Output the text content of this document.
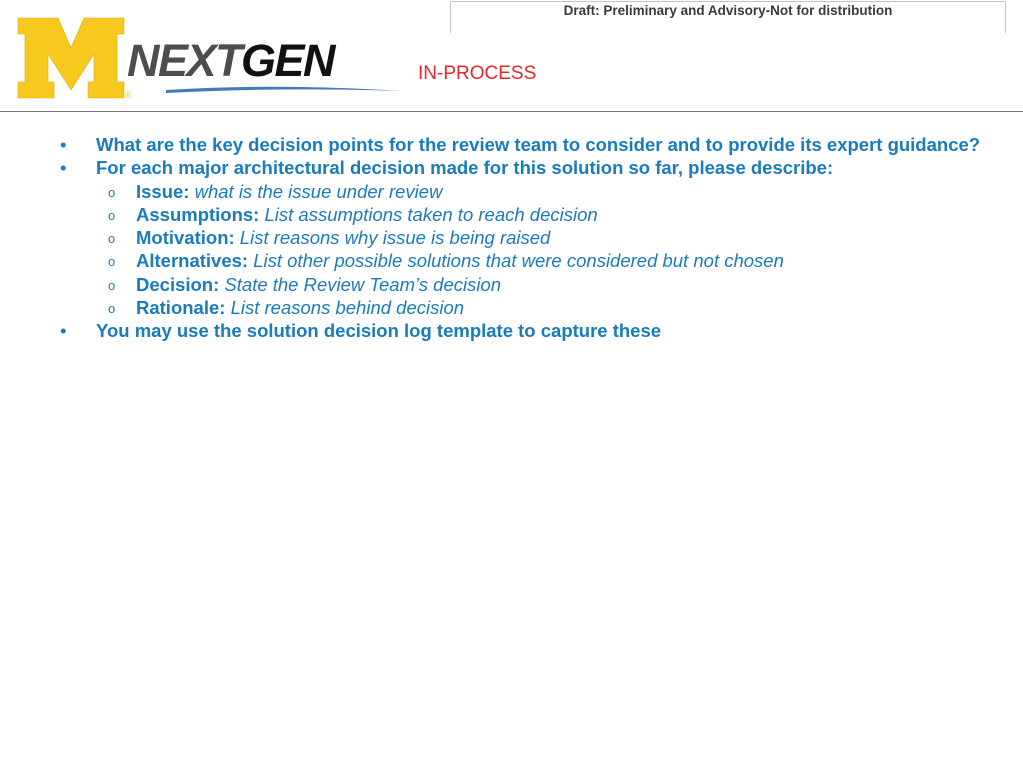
Draft: Preliminary and Advisory-Not for distribution
®
NEXTGEN	IN-PROCESS
• What are the key decision points for the review team to consider and to provide its expert guidance?
• For each major architectural decision made for this solution so far, please describe:
o Issue: what is the issue under review
o Assumptions: List assumptions taken to reach decision
o Motivation: List reasons why issue is being raised
o Alternatives: List other possible solutions that were considered but not chosen
o Decision: State the Review Team’s decision
o Rationale: List reasons behind decision
• You may use the solution decision log template to capture these
